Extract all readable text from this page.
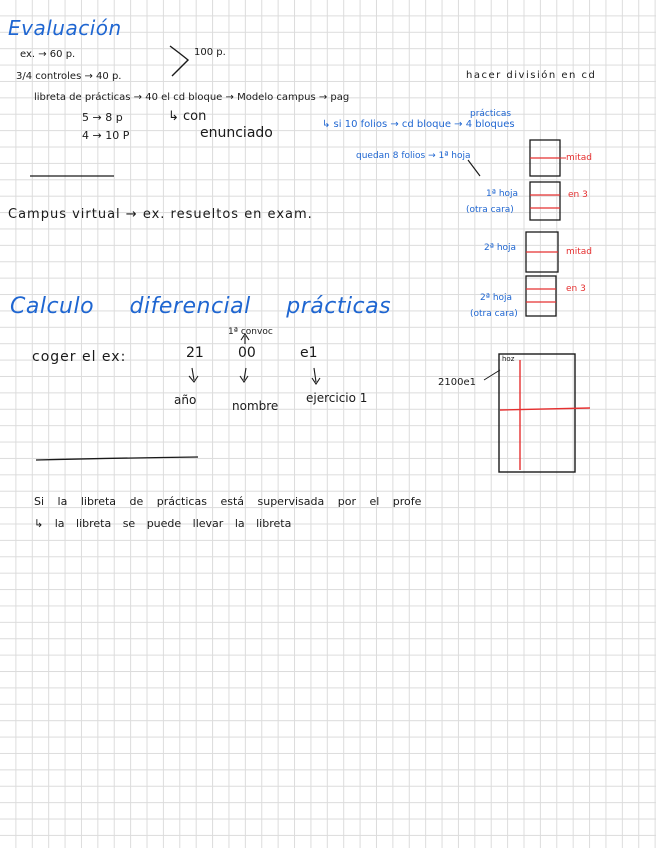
Evaluación
ex. → 60 p.	100 p.
3/4 controles → 40 p.	hacer división en cd
libreta de prácticas → 40 el cd bloque → Modelo campus → pag
5 → 8 p
4 → 10 P
↳ con
enunciado
prácticas
↳ si 10 folios → cd bloque → 4 bloques
quedan 8 folios → 1ª hoja	mitad
1ª hoja
(otra cara)
en 3
Campus virtual → ex. resueltos en exam.
2ª hoja	mitad
en 3
2ª hoja
(otra cara)
Calculo diferencial prácticas
1ª convoc
coger el ex:	21 00	e1
año	nombre
ejercicio 1
2100e1
hoz
Si la libreta de prácticas está supervisada por el profe
↳ la libreta se puede llevar la libreta
